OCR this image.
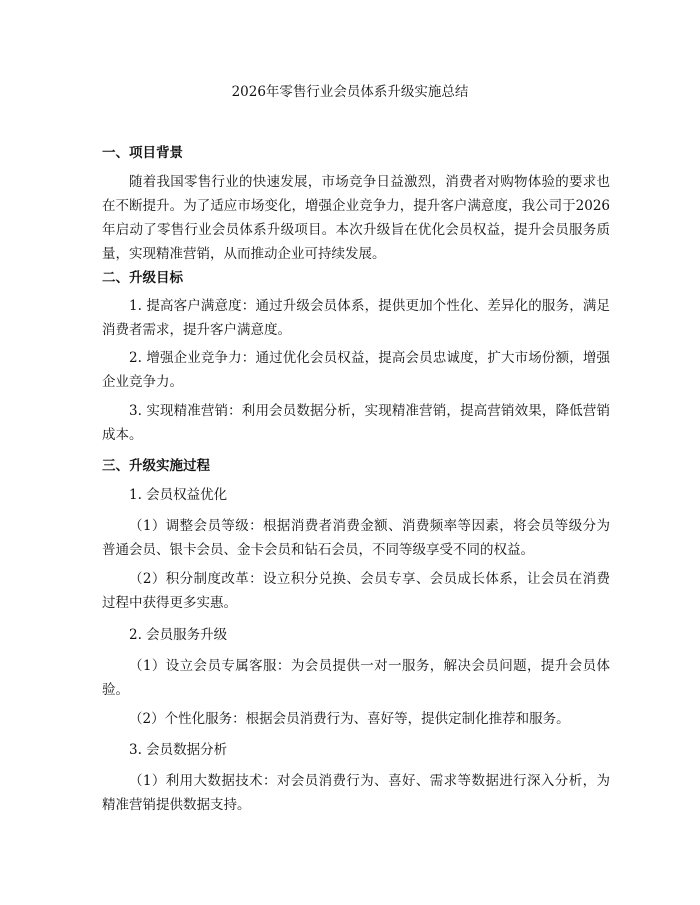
2026年零售行业会员体系升级实施总结
一、项目背景
随着我国零售行业的快速发展，市场竞争日益激烈，消费者对购物体验的要求也在不断提升。为了适应市场变化，增强企业竞争力，提升客户满意度，我公司于2026年启动了零售行业会员体系升级项目。本次升级旨在优化会员权益，提升会员服务质量，实现精准营销，从而推动企业可持续发展。
二、升级目标
1. 提高客户满意度：通过升级会员体系，提供更加个性化、差异化的服务，满足消费者需求，提升客户满意度。
2. 增强企业竞争力：通过优化会员权益，提高会员忠诚度，扩大市场份额，增强企业竞争力。
3. 实现精准营销：利用会员数据分析，实现精准营销，提高营销效果，降低营销成本。
三、升级实施过程
1. 会员权益优化
（1）调整会员等级：根据消费者消费金额、消费频率等因素，将会员等级分为普通会员、银卡会员、金卡会员和钻石会员，不同等级享受不同的权益。
（2）积分制度改革：设立积分兑换、会员专享、会员成长体系，让会员在消费过程中获得更多实惠。
2. 会员服务升级
（1）设立会员专属客服：为会员提供一对一服务，解决会员问题，提升会员体验。
（2）个性化服务：根据会员消费行为、喜好等，提供定制化推荐和服务。
3. 会员数据分析
（1）利用大数据技术：对会员消费行为、喜好、需求等数据进行深入分析，为精准营销提供数据支持。
